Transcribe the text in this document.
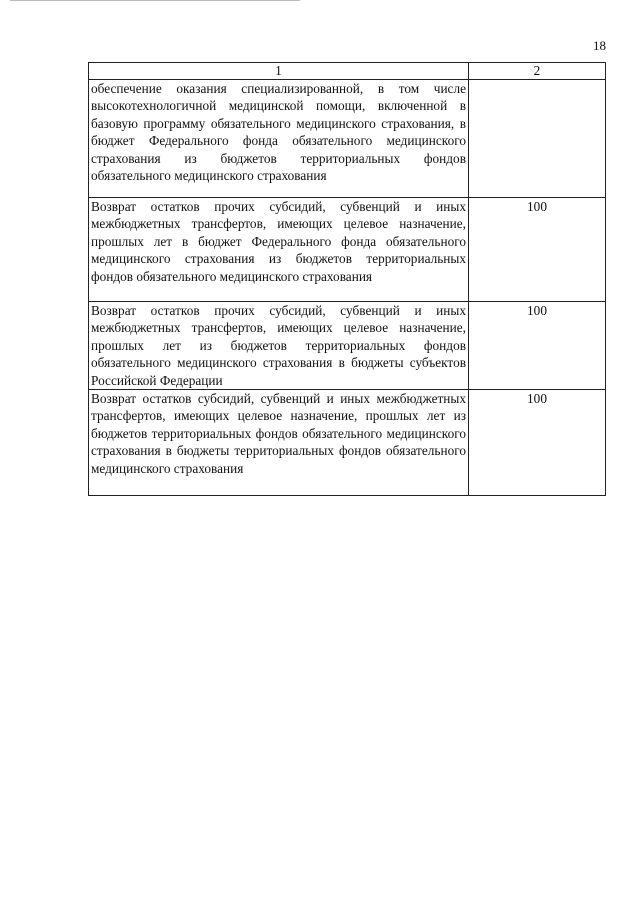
18
1	2
обеспечение оказания специализированной, в том числе высокотехнологичной медицинской помощи, включенной в базовую программу обязательного медицинского страхования, в бюджет Федерального фонда обязательного медицинского страхования из бюджетов территориальных фондов обязательного медицинского страхования	
Возврат остатков прочих субсидий, субвенций и иных межбюджетных трансфертов, имеющих целевое назначение, прошлых лет в бюджет Федерального фонда обязательного медицинского страхования из бюджетов территориальных фондов обязательного медицинского страхования	100
Возврат остатков прочих субсидий, субвенций и иных межбюджетных трансфертов, имеющих целевое назначение, прошлых лет из бюджетов территориальных фондов обязательного медицинского страхования в бюджеты субъектов Российской Федерации	100
Возврат остатков субсидий, субвенций и иных межбюджетных трансфертов, имеющих целевое назначение, прошлых лет из бюджетов территориальных фондов обязательного медицинского страхования в бюджеты территориальных фондов обязательного медицинского страхования	100
